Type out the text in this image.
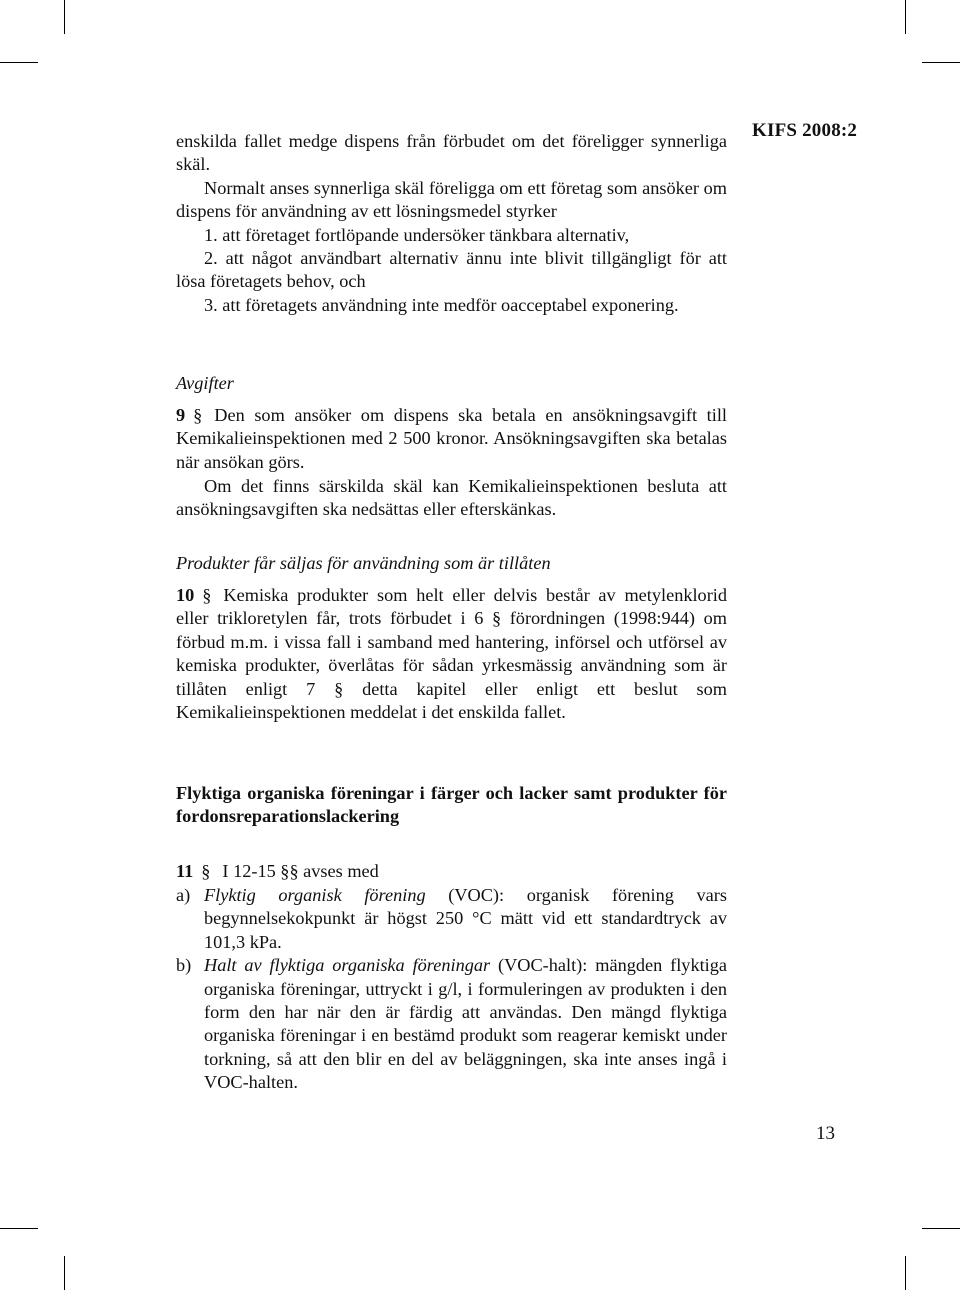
KIFS 2008:2

enskilda fallet medge dispens från förbudet om det föreligger synnerliga skäl.

Normalt anses synnerliga skäl föreligga om ett företag som ansöker om dispens för användning av ett lösningsmedel styrker

1. att företaget fortlöpande undersöker tänkbara alternativ,

2. att något användbart alternativ ännu inte blivit tillgängligt för att lösa företagets behov, och

3. att företagets användning inte medför oacceptabel exponering.

Avgifter

9 § Den som ansöker om dispens ska betala en ansökningsavgift till Kemikalieinspektionen med 2 500 kronor. Ansökningsavgiften ska betalas när ansökan görs.

Om det finns särskilda skäl kan Kemikalieinspektionen besluta att ansökningsavgiften ska nedsättas eller efterskänkas.

Produkter får säljas för användning som är tillåten

10 § Kemiska produkter som helt eller delvis består av metylenklorid eller trikloretylen får, trots förbudet i 6 § förordningen (1998:944) om förbud m.m. i vissa fall i samband med hantering, införsel och utförsel av kemiska produkter, överlåtas för sådan yrkesmässig användning som är tillåten enligt 7 § detta kapitel eller enligt ett beslut som Kemikalieinspektionen meddelat i det enskilda fallet.

Flyktiga organiska föreningar i färger och lacker samt produkter för fordonsreparationslackering

11 § I 12-15 §§ avses med

a) Flyktig organisk förening (VOC): organisk förening vars begynnelsekokpunkt är högst 250 °C mätt vid ett standardtryck av 101,3 kPa.
b) Halt av flyktiga organiska föreningar (VOC-halt): mängden flyktiga organiska föreningar, uttryckt i g/l, i formuleringen av produkten i den form den har när den är färdig att användas. Den mängd flyktiga organiska föreningar i en bestämd produkt som reagerar kemiskt under torkning, så att den blir en del av beläggningen, ska inte anses ingå i VOC-halten.
13
